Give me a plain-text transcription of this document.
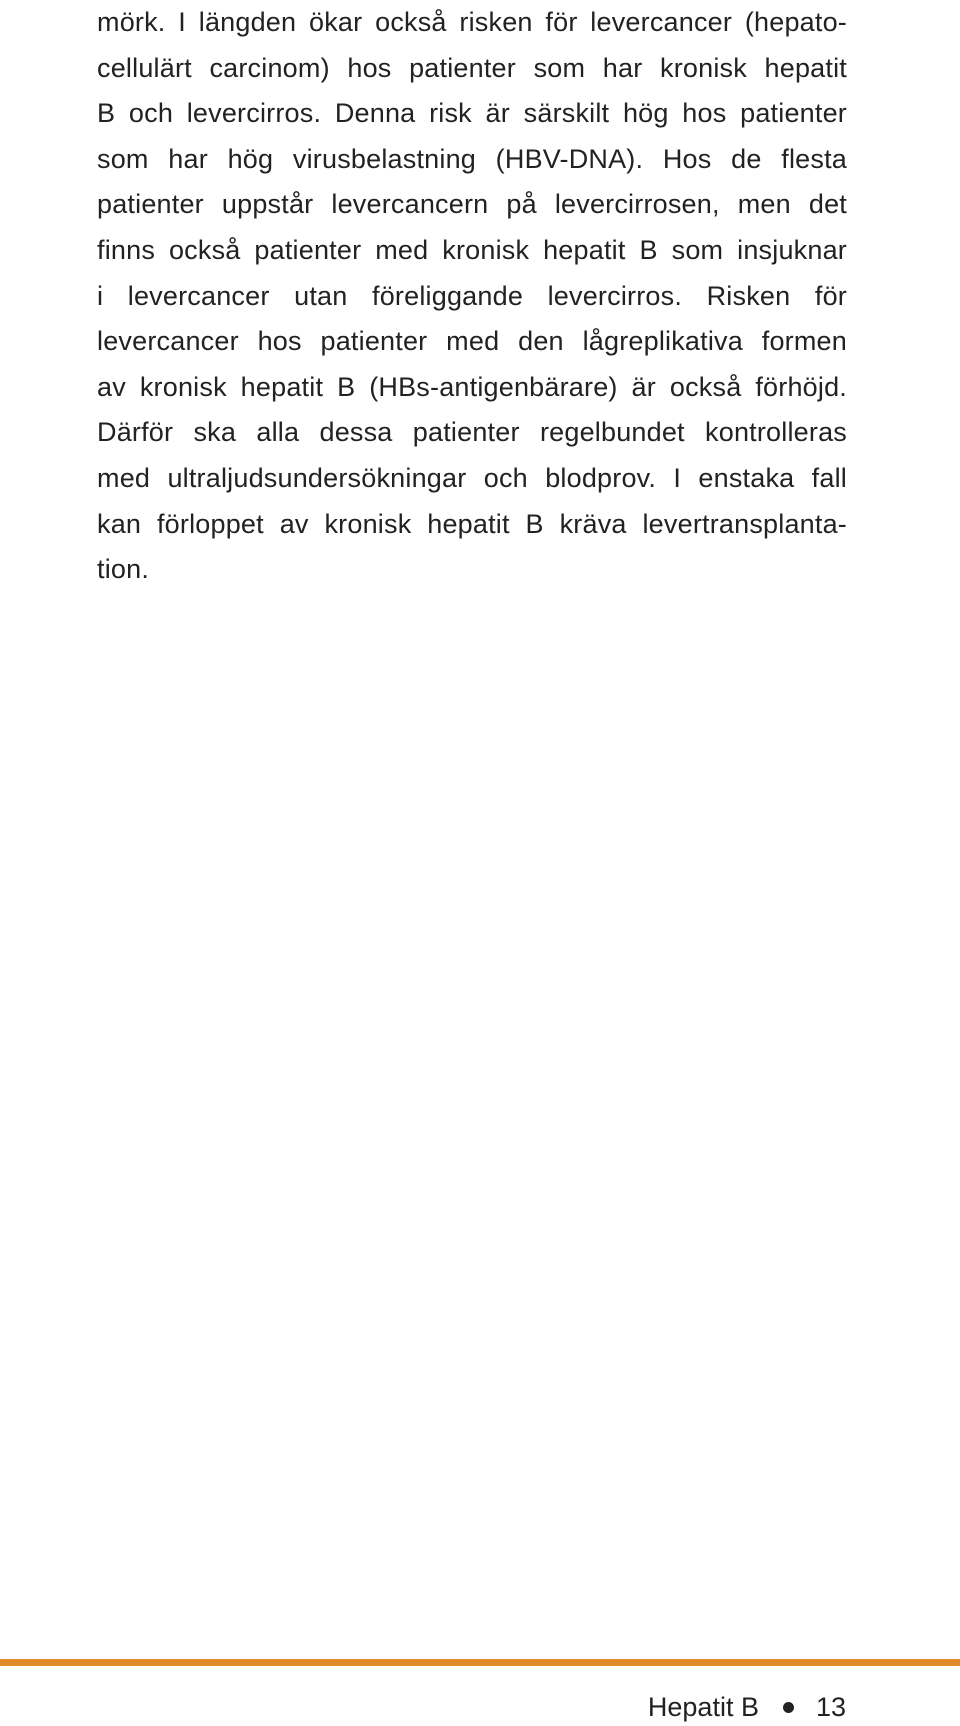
mörk. I längden ökar också risken för levercancer (hepato-
cellulärt carcinom) hos patienter som har kronisk hepatit
B och levercirros. Denna risk är särskilt hög hos patienter
som har hög virusbelastning (HBV-DNA). Hos de flesta
patienter uppstår levercancern på levercirrosen, men det
finns också patienter med kronisk hepatit B som insjuknar
i levercancer utan föreliggande levercirros. Risken för
levercancer hos patienter med den lågreplikativa formen
av kronisk hepatit B (HBs-antigenbärare) är också förhöjd.
Därför ska alla dessa patienter regelbundet kontrolleras
med ultraljudsundersökningar och blodprov. I enstaka fall
kan förloppet av kronisk hepatit B kräva levertransplanta-
tion.
Hepatit B 13
